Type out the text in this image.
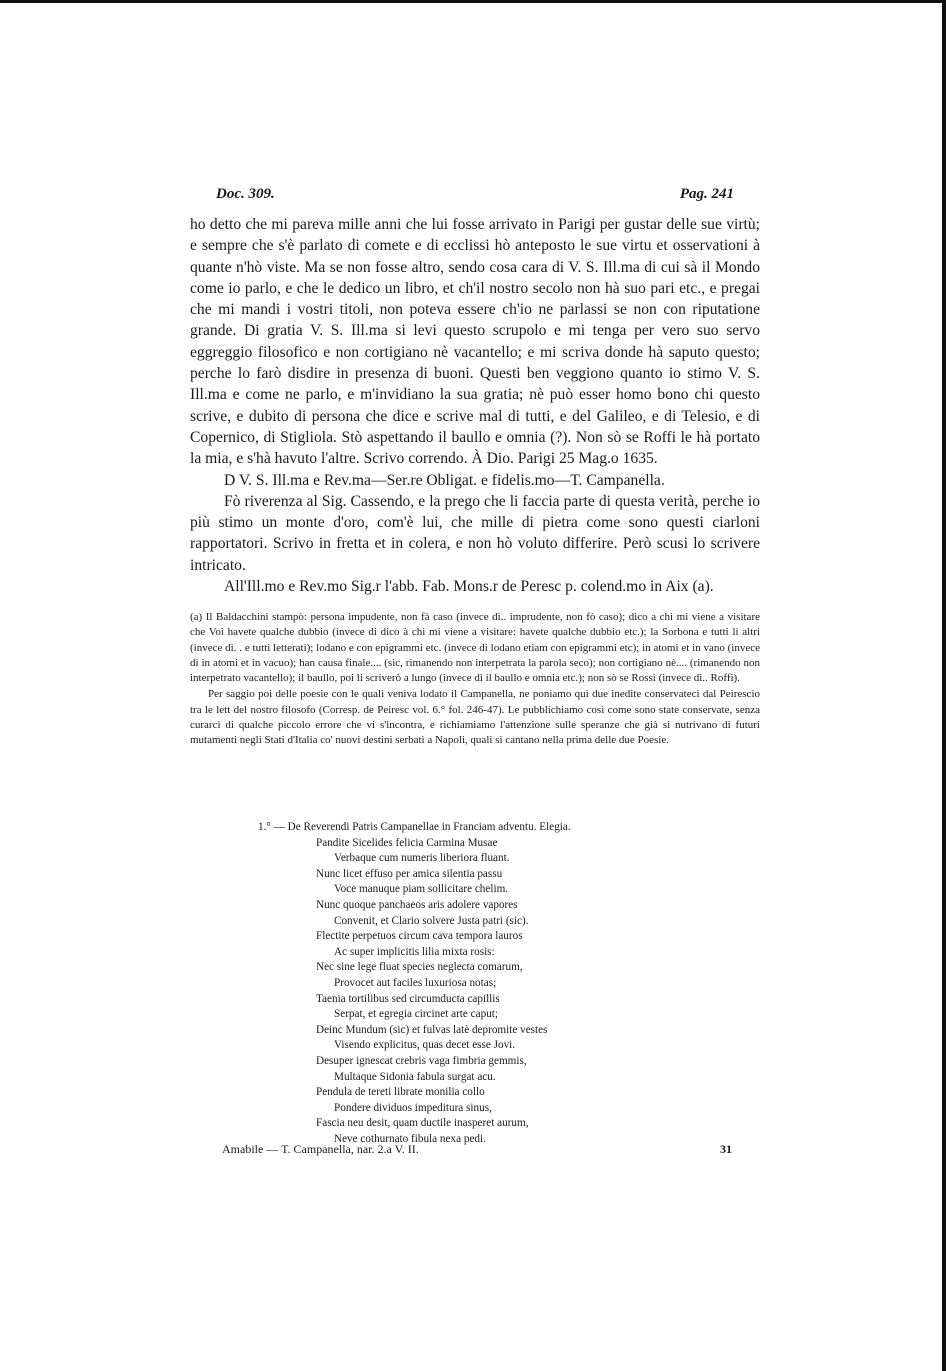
Doc. 309.	Pag. 241

ho detto che mi pareva mille anni che lui fosse arrivato in Parigi per gustar delle sue virtù; e sempre che s'è parlato di comete e di ecclissi hò anteposto le sue virtu et osservationi à quante n'hò viste. Ma se non fosse altro, sendo cosa cara di V. S. Ill.ma di cui sà il Mondo come io parlo, e che le dedico un libro, et ch'il nostro secolo non hà suo pari etc., e pregai che mi mandi i vostri titoli, non poteva essere ch'io ne parlassi se non con riputatione grande. Di gratia V. S. Ill.ma si levi questo scrupolo e mi tenga per vero suo servo eggreggio filosofico e non cortigiano nè vacantello; e mi scriva donde hà saputo questo; perche lo farò disdire in presenza di buoni. Questi ben veggiono quanto io stimo V. S. Ill.ma e come ne parlo, e m'invidiano la sua gratia; nè può esser homo bono chi questo scrive, e dubito di persona che dice e scrive mal di tutti, e del Galileo, e di Telesio, e di Copernico, di Stigliola. Stò aspettando il baullo e omnia (?). Non sò se Roffi le hà portato la mia, e s'hà havuto l'altre. Scrivo correndo. À Dio. Parigi 25 Mag.o 1635.

D V. S. Ill.ma e Rev.ma—Ser.re Obligat. e fidelis.mo—T. Campanella.

Fò riverenza al Sig. Cassendo, e la prego che li faccia parte di questa verità, perche io più stimo un monte d'oro, com'è lui, che mille di pietra come sono questi ciarloni rapportatori. Scrivo in fretta et in colera, e non hò voluto differire. Però scusi lo scrivere intricato.

All'Ill.mo e Rev.mo Sig.r l'abb. Fab. Mons.r de Peresc p. colend.mo in Aix (a).

(a) Il Baldacchini stampò: persona impudente, non fà caso (invece di.. imprudente, non fò caso); dico a chi mi viene a visitare che Voi havete qualche dubbio (invece di dico à chi mi viene a visitare: havete qualche dubbio etc.); la Sorbona e tutti li altri (invece di. . e tutti letterati); lodano e con epigrammi etc. (invece di lodano etiam con epigrammi etc); in atomi et in vano (invece di in atomi et in vacuo); han causa finale.... (sic, rimanendo non interpetrata la parola seco); non cortigiano nè.... (rimanendo non interpetrato vacantello); il baullo, poi li scriverò a lungo (invece di il baullo e omnia etc.); non sò se Rossi (invece di.. Roffi).

Per saggio poi delle poesie con le quali veniva lodato il Campanella, ne poniamo qui due inedite conservateci dal Peirescio tra le lett del nostro filosofo (Corresp. de Peiresc vol. 6.° fol. 246-47). Le pubblichiamo così come sono state conservate, senza curarci di qualche piccolo errore che vi s'incontra, e richiamiamo l'attenzione sulle speranze che già si nutrivano di futuri mutamenti negli Stati d'Italia co' nuovi destini serbati a Napoli, quali si cantano nella prima delle due Poesie.

1.° — De Reverendi Patris Campanellae in Franciam adventu. Elegia.

Pandite Sicelides felicia Carmina Musae

Verbaque cum numeris liberiora fluant.

Nunc licet effuso per amica silentia passu

Voce manuque piam sollicitare chelim.

Nunc quoque panchaeos aris adolere vapores

Convenit, et Clario solvere Justa patri (sic).

Flectite perpetuos circum cava tempora lauros

Ac super implicitis lilia mixta rosis:

Nec sine lege fluat species neglecta comarum,

Provocet aut faciles luxuriosa notas;

Taenia tortilibus sed circumducta capillis

Serpat, et egregia circinet arte caput;

Deinc Mundum (sic) et fulvas latè depromite vestes

Visendo explicitus, quas decet esse Jovi.

Desuper ignescat crebris vaga fimbria gemmis,

Multaque Sidonia fabula surgat acu.

Pendula de tereti librate monilia collo

Pondere dividuos impeditura sinus,

Fascia neu desit, quam ductile inasperet aurum,

Neve cothurnato fibula nexa pedi.

Amabile — T. Campanella, nar. 2.a V. II.	31
